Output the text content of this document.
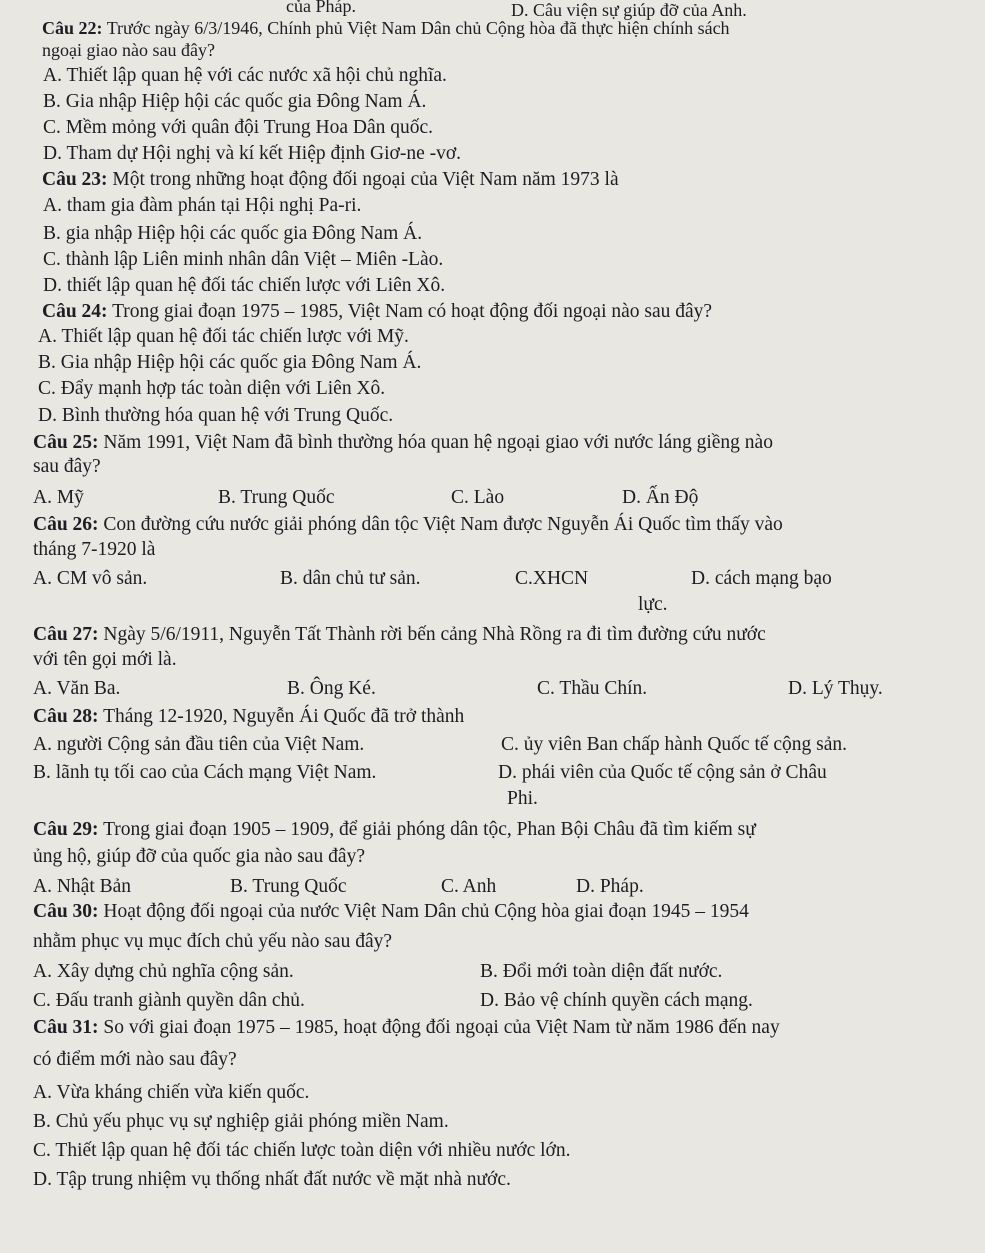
của Pháp.	D. Câu viện sự giúp đỡ của Anh.
Câu 22: Trước ngày 6/3/1946, Chính phủ Việt Nam Dân chủ Cộng hòa đã thực hiện chính sách
ngoại giao nào sau đây?
A. Thiết lập quan hệ với các nước xã hội chủ nghĩa.
B. Gia nhập Hiệp hội các quốc gia Đông Nam Á.
C. Mềm mỏng với quân đội Trung Hoa Dân quốc.
D. Tham dự Hội nghị và kí kết Hiệp định Giơ-ne -vơ.
Câu 23: Một trong những hoạt động đối ngoại của Việt Nam năm 1973 là
A. tham gia đàm phán tại Hội nghị Pa-ri.
B. gia nhập Hiệp hội các quốc gia Đông Nam Á.
C. thành lập Liên minh nhân dân Việt – Miên -Lào.
D. thiết lập quan hệ đối tác chiến lược với Liên Xô.
Câu 24: Trong giai đoạn 1975 – 1985, Việt Nam có hoạt động đối ngoại nào sau đây?
A. Thiết lập quan hệ đối tác chiến lược với Mỹ.
B. Gia nhập Hiệp hội các quốc gia Đông Nam Á.
C. Đẩy mạnh hợp tác toàn diện với Liên Xô.
D. Bình thường hóa quan hệ với Trung Quốc.
Câu 25: Năm 1991, Việt Nam đã bình thường hóa quan hệ ngoại giao với nước láng giềng nào
sau đây?
A. Mỹ	B. Trung Quốc	C. Lào	D. Ấn Độ
Câu 26: Con đường cứu nước giải phóng dân tộc Việt Nam được Nguyễn Ái Quốc tìm thấy vào
tháng 7-1920 là
A. CM vô sản.	B. dân chủ tư sản.	C.XHCN	D. cách mạng bạo
lực.
Câu 27: Ngày 5/6/1911, Nguyễn Tất Thành rời bến cảng Nhà Rồng ra đi tìm đường cứu nước
với tên gọi mới là.
A. Văn Ba.	B. Ông Ké.	C. Thầu Chín.	D. Lý Thụy.
Câu 28: Tháng 12-1920, Nguyễn Ái Quốc đã trở thành
A. người Cộng sản đầu tiên của Việt Nam.	C. ủy viên Ban chấp hành Quốc tế cộng sản.
B. lãnh tụ tối cao của Cách mạng Việt Nam.	D. phái viên của Quốc tế cộng sản ở Châu
Phi.
Câu 29: Trong giai đoạn 1905 – 1909, để giải phóng dân tộc, Phan Bội Châu đã tìm kiếm sự
ủng hộ, giúp đỡ của quốc gia nào sau đây?
A. Nhật Bản	B. Trung Quốc	C. Anh	D. Pháp.
Câu 30: Hoạt động đối ngoại của nước Việt Nam Dân chủ Cộng hòa giai đoạn 1945 – 1954
nhằm phục vụ mục đích chủ yếu nào sau đây?
A. Xây dựng chủ nghĩa cộng sản.	B. Đổi mới toàn diện đất nước.
C. Đấu tranh giành quyền dân chủ.	D. Bảo vệ chính quyền cách mạng.
Câu 31: So với giai đoạn 1975 – 1985, hoạt động đối ngoại của Việt Nam từ năm 1986 đến nay
có điểm mới nào sau đây?
A. Vừa kháng chiến vừa kiến quốc.
B. Chủ yếu phục vụ sự nghiệp giải phóng miền Nam.
C. Thiết lập quan hệ đối tác chiến lược toàn diện với nhiều nước lớn.
D. Tập trung nhiệm vụ thống nhất đất nước về mặt nhà nước.
